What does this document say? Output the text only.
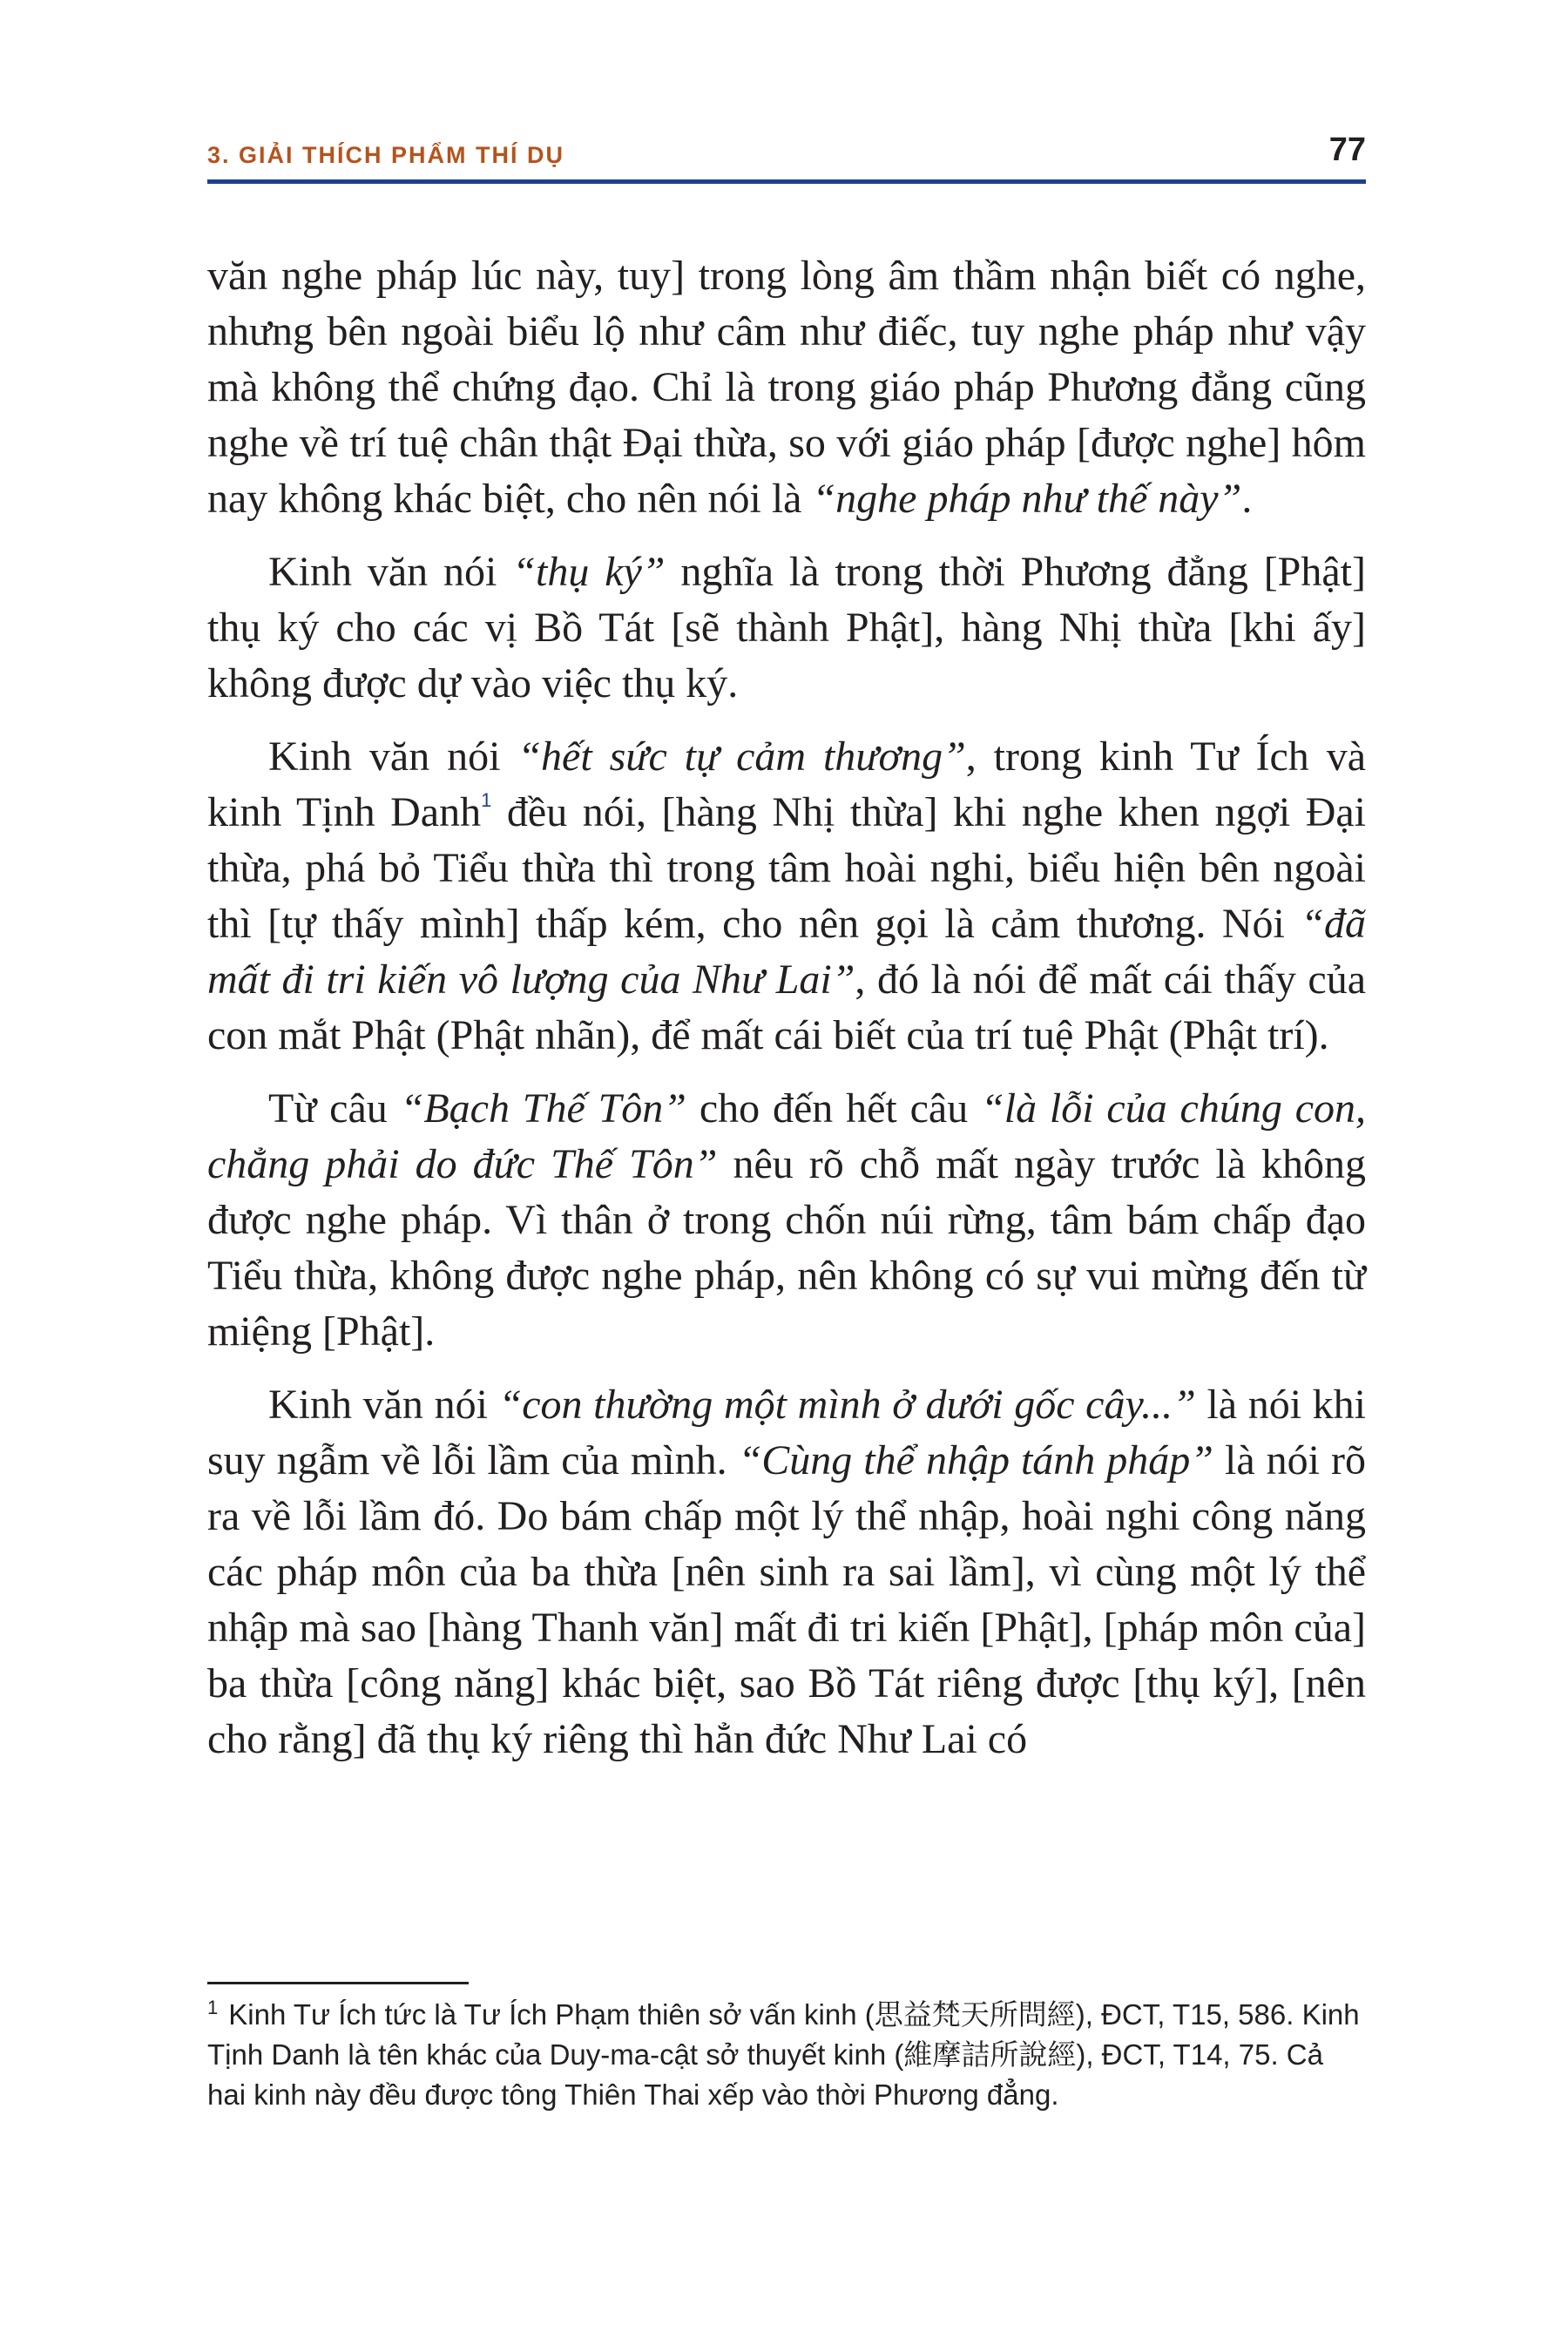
3. GIẢI THÍCH PHẨM THÍ DỤ	77

văn nghe pháp lúc này, tuy] trong lòng âm thầm nhận biết có nghe, nhưng bên ngoài biểu lộ như câm như điếc, tuy nghe pháp như vậy mà không thể chứng đạo. Chỉ là trong giáo pháp Phương đẳng cũng nghe về trí tuệ chân thật Đại thừa, so với giáo pháp [được nghe] hôm nay không khác biệt, cho nên nói là “nghe pháp như thế này”.

Kinh văn nói “thụ ký” nghĩa là trong thời Phương đẳng [Phật] thụ ký cho các vị Bồ Tát [sẽ thành Phật], hàng Nhị thừa [khi ấy] không được dự vào việc thụ ký.

Kinh văn nói “hết sức tự cảm thương”, trong kinh Tư Ích và kinh Tịnh Danh$^1$ đều nói, [hàng Nhị thừa] khi nghe khen ngợi Đại thừa, phá bỏ Tiểu thừa thì trong tâm hoài nghi, biểu hiện bên ngoài thì [tự thấy mình] thấp kém, cho nên gọi là cảm thương. Nói “đã mất đi tri kiến vô lượng của Như Lai”, đó là nói để mất cái thấy của con mắt Phật (Phật nhãn), để mất cái biết của trí tuệ Phật (Phật trí).

Từ câu “Bạch Thế Tôn” cho đến hết câu “là lỗi của chúng con, chẳng phải do đức Thế Tôn” nêu rõ chỗ mất ngày trước là không được nghe pháp. Vì thân ở trong chốn núi rừng, tâm bám chấp đạo Tiểu thừa, không được nghe pháp, nên không có sự vui mừng đến từ miệng [Phật].

Kinh văn nói “con thường một mình ở dưới gốc cây...” là nói khi suy ngẫm về lỗi lầm của mình. “Cùng thể nhập tánh pháp” là nói rõ ra về lỗi lầm đó. Do bám chấp một lý thể nhập, hoài nghi công năng các pháp môn của ba thừa [nên sinh ra sai lầm], vì cùng một lý thể nhập mà sao [hàng Thanh văn] mất đi tri kiến [Phật], [pháp môn của] ba thừa [công năng] khác biệt, sao Bồ Tát riêng được [thụ ký], [nên cho rằng] đã thụ ký riêng thì hẳn đức Như Lai có

$^1$ Kinh Tư Ích tức là Tư Ích Phạm thiên sở vấn kinh (思益梵天所問經), ĐCT, T15, 586. Kinh Tịnh Danh là tên khác của Duy-ma-cật sở thuyết kinh (維摩詰所說經), ĐCT, T14, 75. Cả hai kinh này đều được tông Thiên Thai xếp vào thời Phương đẳng.
